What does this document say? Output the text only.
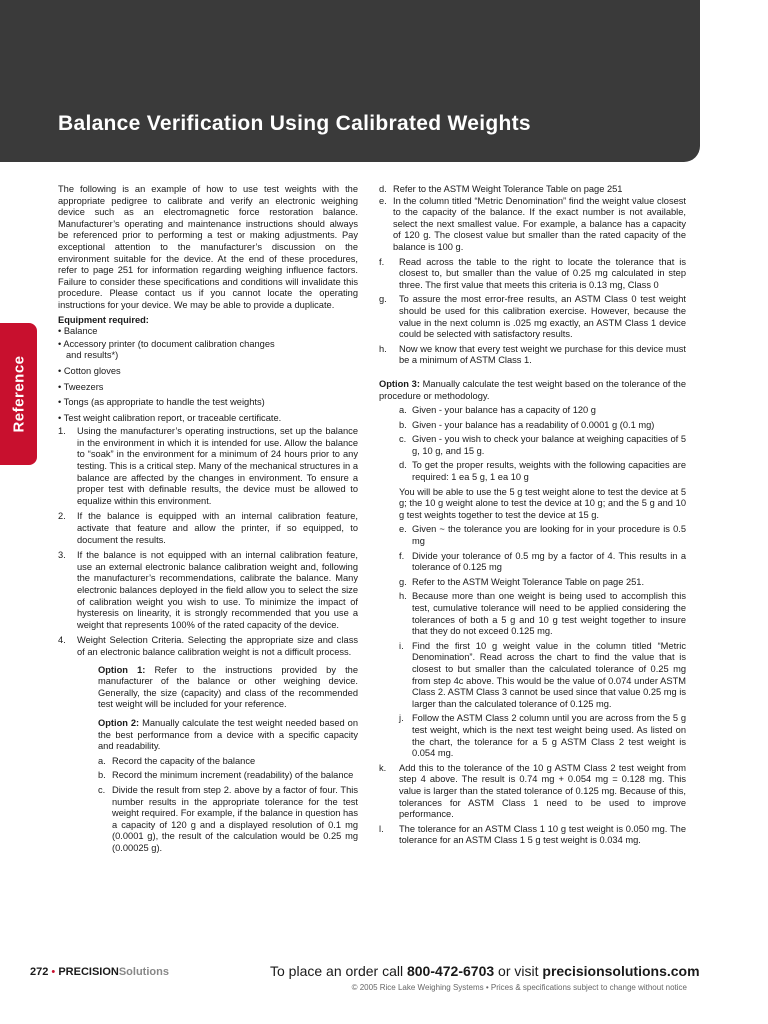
Balance Verification Using Calibrated Weights
Reference

The following is an example of how to use test weights with the appropriate pedigree to calibrate and verify an electronic weighing device such as an electromagnetic force restoration balance. Manufacturer’s operating and maintenance instructions should always be referenced prior to performing a test or making adjustments. Pay exceptional attention to the manufacturer’s discussion on the environment suitable for the device. At the end of these procedures, refer to page 251 for information regarding weighing influence factors. Failure to consider these specifications and conditions will invalidate this procedure. Please contact us if you cannot locate the operating instructions for your device. We may be able to provide a duplicate.

Equipment required:

• Balance
• Accessory printer (to document calibration changes
and results*)
• Cotton gloves
• Tweezers
• Tongs (as appropriate to handle the test weights)
• Test weight calibration report, or traceable certificate.
1.	Using the manufacturer’s operating instructions, set up the balance in the environment in which it is intended for use. Allow the balance to “soak” in the environment for a minimum of 24 hours prior to any testing. This is a critical step. Many of the mechanical structures in a balance are affected by the changes in environment. To ensure a proper test with definable results, the device must be allowed to equalize within this environment.
2.	If the balance is equipped with an internal calibration feature, activate that feature and allow the printer, if so equipped, to document the results.
3.	If the balance is not equipped with an internal calibration feature, use an external electronic balance calibration weight and, following the manufacturer’s recommendations, calibrate the balance. Many electronic balances deployed in the field allow you to select the size of calibration weight you wish to use. To minimize the impact of hysteresis on linearity, it is strongly recommended that you use a weight that represents 100% of the rated capacity of the device.
4.	Weight Selection Criteria. Selecting the appropriate size and class of an electronic balance calibration weight is not a difficult process.

Option 1: Refer to the instructions provided by the manufacturer of the balance or other weighing device. Generally, the size (capacity) and class of the recommended test weight will be included for your reference.

Option 2: Manually calculate the test weight needed based on the best performance from a device with a specific capacity and readability.

a. Record the capacity of the balance
b. Record the minimum increment (readability) of the balance
c. Divide the result from step 2. above by a factor of four. This number results in the appropriate tolerance for the test weight required. For example, if the balance in question has a capacity of 120 g and a displayed resolution of 0.1 mg (0.0001 g), the result of the calculation would be 0.25 mg (0.00025 g).
d. Refer to the ASTM Weight Tolerance Table on page 251
e. In the column titled “Metric Denomination” find the weight value closest to the capacity of the balance. If the exact number is not available, select the next smallest value. For example, a balance has a capacity of 120 g. The closest value but smaller than the rated capacity of the balance is 100 g.
f.	Read across the table to the right to locate the tolerance that is closest to, but smaller than the value of 0.25 mg calculated in step three. The first value that meets this criteria is 0.13 mg, Class 0
g.	To assure the most error-free results, an ASTM Class 0 test weight should be used for this calibration exercise. However, because the value in the next column is .025 mg exactly, an ASTM Class 1 device could be selected with satisfactory results.
h.	Now we know that every test weight we purchase for this device must be a minimum of ASTM Class 1.

Option 3: Manually calculate the test weight based on the tolerance of the procedure or methodology.

a. Given - your balance has a capacity of 120 g
b. Given - your balance has a readability of 0.0001 g (0.1 mg)
c. Given - you wish to check your balance at weighing capacities of 5 g, 10 g, and 15 g.
d. To get the proper results, weights with the following capacities are required: 1 ea 5 g, 1 ea 10 g

You will be able to use the 5 g test weight alone to test the device at 5 g; the 10 g weight alone to test the device at 10 g; and the 5 g and 10 g test weights together to test the device at 15 g.

e. Given ~ the tolerance you are looking for in your procedure is 0.5 mg
f. Divide your tolerance of 0.5 mg by a factor of 4. This results in a tolerance of 0.125 mg
g. Refer to the ASTM Weight Tolerance Table on page 251.
h. Because more than one weight is being used to accomplish this test, cumulative tolerance will need to be applied considering the tolerances of both a 5 g and 10 g test weight together to insure that they do not exceed 0.125 mg.
i. Find the first 10 g weight value in the column titled “Metric Denomination”. Read across the chart to find the value that is closest to but smaller than the calculated tolerance of 0.25 mg from step 4c above. This would be the value of 0.074 under ASTM Class 2. ASTM Class 3 cannot be used since that value 0.25 mg is larger than the calculated tolerance of 0.125 mg.
j. Follow the ASTM Class 2 column until you are across from the 5 g test weight, which is the next test weight being used. As listed on the chart, the tolerance for a 5 g ASTM Class 2 test weight is 0.054 mg.
k.	Add this to the tolerance of the 10 g ASTM Class 2 test weight from step 4 above. The result is 0.74 mg + 0.054 mg = 0.128 mg. This value is larger than the stated tolerance of 0.125 mg. Because of this, tolerances for ASTM Class 1 need to be used to improve performance.
l.	The tolerance for an ASTM Class 1 10 g test weight is 0.050 mg. The tolerance for an ASTM Class 1 5 g test weight is 0.034 mg.
272 • PRECISIONSolutions	To place an order call 800-472-6703 or visit precisionsolutions.com
© 2005 Rice Lake Weighing Systems • Prices & specifications subject to change without notice
